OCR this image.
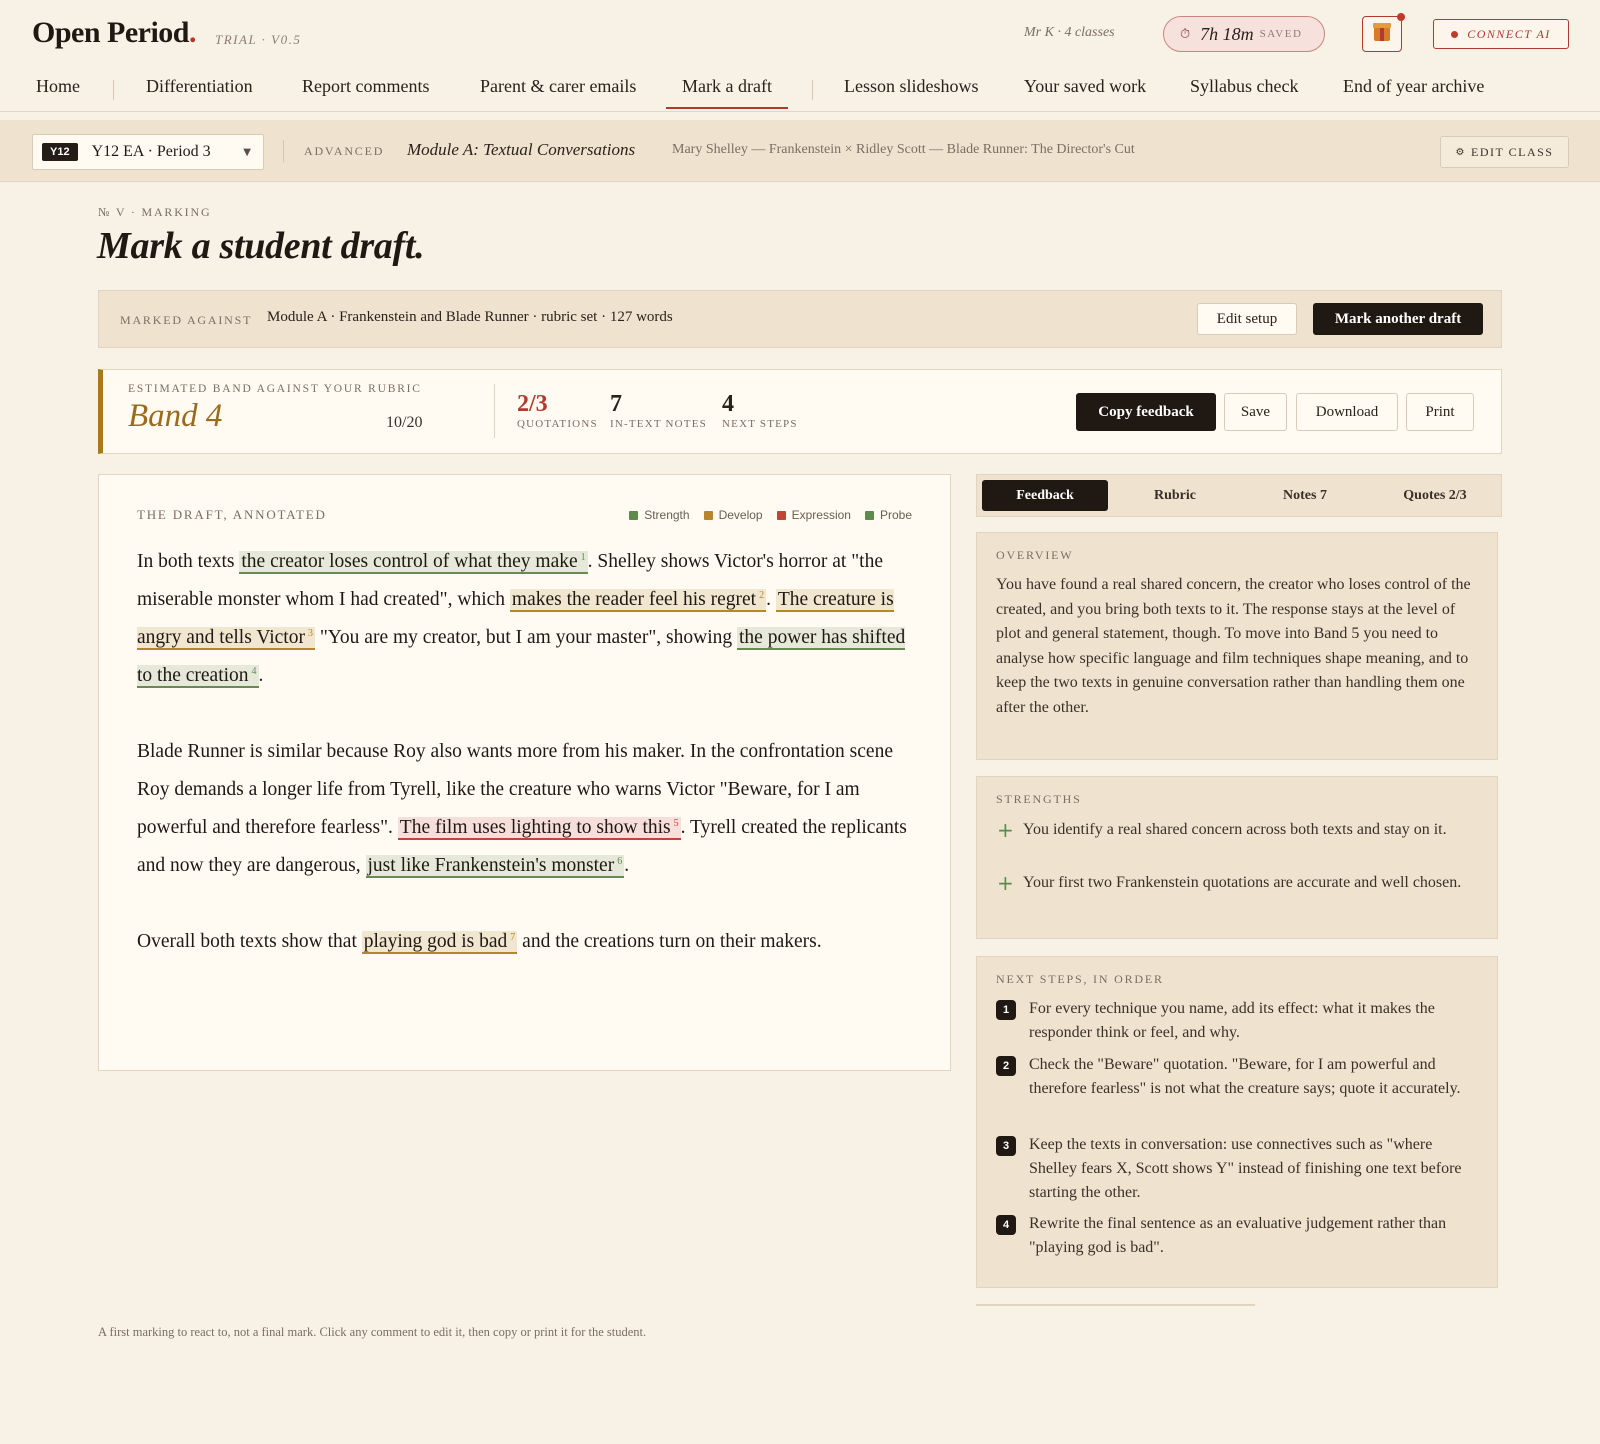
Open Period. TRIAL · V0.5	Mr K · 4 classes	⏱ 7h 18m SAVED	CONNECT AI
Home	Differentiation	Report comments	Parent & carer emails	Mark a draft	Lesson slideshows	Your saved work Syllabus check End of year archive
Y12	Y12 EA · Period 3	▼	ADVANCED Module A: Textual Conversations	Mary Shelley — Frankenstein × Ridley Scott — Blade Runner: The Director's Cut	⚙ EDIT CLASS
№ V · MARKING
Mark a student draft.
MARKED AGAINST Module A · Frankenstein and Blade Runner · rubric set · 127 words	Edit setup	Mark another draft
ESTIMATED BAND AGAINST YOUR RUBRIC
Band 4	10/20
2/3
QUOTATIONS
7
IN-TEXT NOTES
4
NEXT STEPS
Copy feedback	Save	Download	Print
THE DRAFT, ANNOTATED	Strength Develop Expression Probe

In both texts the creator loses control of what they make $^1$ . Shelley shows Victor's horror at "the miserable monster whom I had created", which makes the reader feel his regret $^2$ . The creature is angry and tells Victor $^3$ "You are my creator, but I am your master", showing the power has shifted to the creation $^4$ .

Blade Runner is similar because Roy also wants more from his maker. In the confrontation scene Roy demands a longer life from Tyrell, like the creature who warns Victor "Beware, for I am powerful and therefore fearless". The film uses lighting to show this $^5$ . Tyrell created the replicants and now they are dangerous, just like Frankenstein's monster $^6$ .

Overall both texts show that playing god is bad $^7$ and the creations turn on their makers.

Feedback	Rubric	Notes 7	Quotes 2/3
OVERVIEW
You have found a real shared concern, the creator who loses control of the created, and you bring both texts to it. The response stays at the level of plot and general statement, though. To move into Band 5 you need to analyse how specific language and film techniques shape meaning, and to keep the two texts in genuine conversation rather than handling them one after the other.
STRENGTHS
+ You identify a real shared concern across both texts and stay on it.
+ Your first two Frankenstein quotations are accurate and well chosen.
NEXT STEPS, IN ORDER
1	For every technique you name, add its effect: what it makes the responder think or feel, and why.
2	Check the "Beware" quotation. "Beware, for I am powerful and therefore fearless" is not what the creature says; quote it accurately.
3	Keep the texts in conversation: use connectives such as "where Shelley fears X, Scott shows Y" instead of finishing one text before starting the other.
4	Rewrite the final sentence as an evaluative judgement rather than "playing god is bad".
A first marking to react to, not a final mark. Click any comment to edit it, then copy or print it for the student.
